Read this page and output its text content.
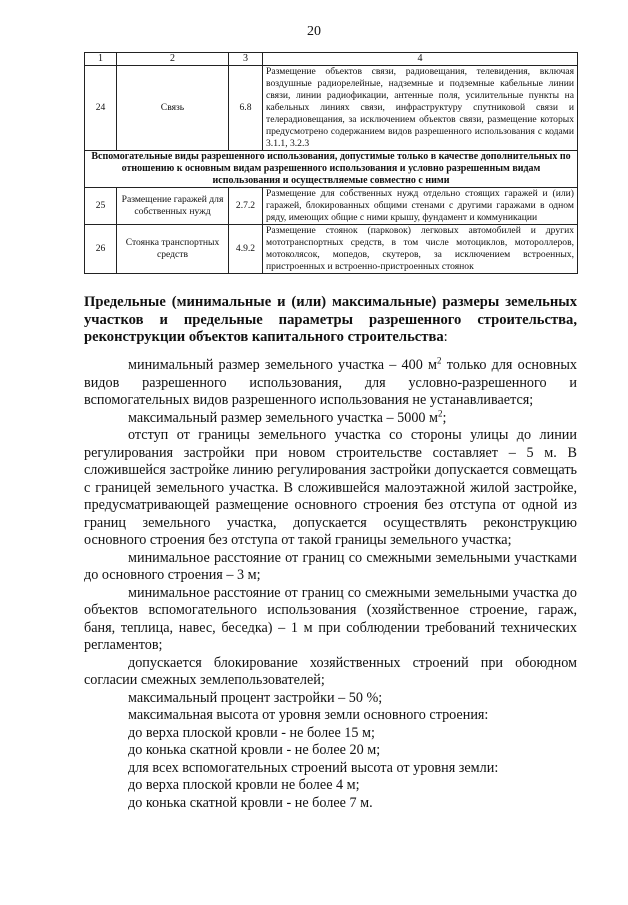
20
1	2	3	4
24	Связь	6.8	Размещение объектов связи, радиовещания, телевидения, включая воздушные радиорелейные, надземные и подземные кабельные линии связи, линии радиофикации, антенные поля, усилительные пункты на кабельных линиях связи, инфраструктуру спутниковой связи и телерадиовещания, за исключением объектов связи, размещение которых предусмотрено содержанием видов разрешенного использования с кодами 3.1.1, 3.2.3
Вспомогательные виды разрешенного использования, допустимые только в качестве дополнительных по отношению к основным видам разрешенного использования и условно разрешенным видам использования и осуществляемые совместно с ними			
25	Размещение гаражей для собственных нужд	2.7.2	Размещение для собственных нужд отдельно стоящих гаражей и (или) гаражей, блокированных общими стенами с другими гаражами в одном ряду, имеющих общие с ними крышу, фундамент и коммуникации
26	Стоянка транспортных средств	4.9.2	Размещение стоянок (парковок) легковых автомобилей и других мототранспортных средств, в том числе мотоциклов, мотороллеров, мотоколясок, мопедов, скутеров, за исключением встроенных, пристроенных и встроенно-пристроенных стоянок
Предельные (минимальные и (или) максимальные) размеры земельных участков и предельные параметры разрешенного строительства, реконструкции объектов капитального строительства:

минимальный размер земельного участка – 400 $м^2$ только для основных видов разрешенного использования, для условно-разрешенного и вспомогательных видов разрешенного использования не устанавливается;

максимальный размер земельного участка – 5000 $м^2$;

отступ от границы земельного участка со стороны улицы до линии регулирования застройки при новом строительстве составляет – 5 м. В сложившейся застройке линию регулирования застройки допускается совмещать с границей земельного участка. В сложившейся малоэтажной жилой застройке, предусматривающей размещение основного строения без отступа от одной из границ земельного участка, допускается осуществлять реконструкцию основного строения без отступа от такой границы земельного участка;

минимальное расстояние от границ со смежными земельными участками до основного строения – 3 м;

минимальное расстояние от границ со смежными земельными участка до объектов вспомогательного использования (хозяйственное строение, гараж, баня, теплица, навес, беседка) – 1 м при соблюдении требований технических регламентов;

допускается блокирование хозяйственных строений при обоюдном согласии смежных землепользователей;

максимальный процент застройки – 50 %;

максимальная высота от уровня земли основного строения:

до верха плоской кровли - не более 15 м;

до конька скатной кровли - не более 20 м;

для всех вспомогательных строений высота от уровня земли:

до верха плоской кровли не более 4 м;

до конька скатной кровли - не более 7 м.
